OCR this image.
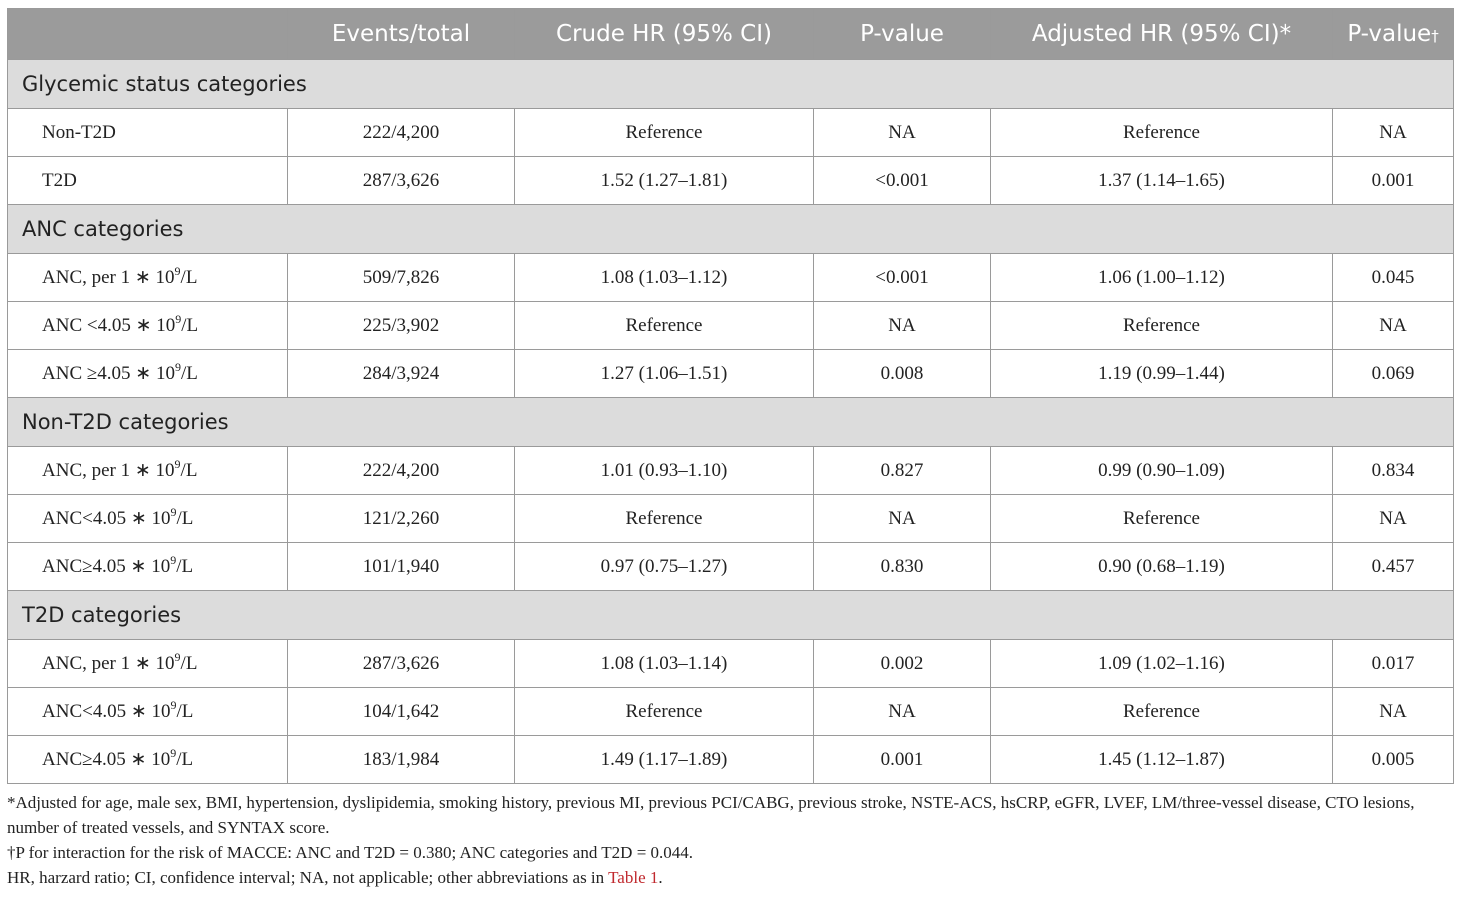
	Events/total	Crude HR (95% CI)	P-value	Adjusted HR (95% CI)*	P-value†
Glycemic status categories					
Non-T2D	222/4,200	Reference	NA	Reference	NA
T2D	287/3,626	1.52 (1.27–1.81)	<0.001	1.37 (1.14–1.65)	0.001
ANC categories					
ANC, per 1 ∗ $10^9/L$	509/7,826	1.08 (1.03–1.12)	<0.001	1.06 (1.00–1.12)	0.045
ANC <4.05 ∗ $10^9/L$	225/3,902	Reference	NA	Reference	NA
ANC ≥4.05 ∗ $10^9/L$	284/3,924	1.27 (1.06–1.51)	0.008	1.19 (0.99–1.44)	0.069
Non-T2D categories					
ANC, per 1 ∗ $10^9/L$	222/4,200	1.01 (0.93–1.10)	0.827	0.99 (0.90–1.09)	0.834
ANC<4.05 ∗ $10^9/L$	121/2,260	Reference	NA	Reference	NA
ANC≥4.05 ∗ $10^9/L$	101/1,940	0.97 (0.75–1.27)	0.830	0.90 (0.68–1.19)	0.457
T2D categories					
ANC, per 1 ∗ $10^9/L$	287/3,626	1.08 (1.03–1.14)	0.002	1.09 (1.02–1.16)	0.017
ANC<4.05 ∗ $10^9/L$	104/1,642	Reference	NA	Reference	NA
ANC≥4.05 ∗ $10^9/L$	183/1,984	1.49 (1.17–1.89)	0.001	1.45 (1.12–1.87)	0.005

*Adjusted for age, male sex, BMI, hypertension, dyslipidemia, smoking history, previous MI, previous PCI/CABG, previous stroke, NSTE-ACS, hsCRP, eGFR, LVEF, LM/three-vessel disease, CTO lesions, number of treated vessels, and SYNTAX score.

†P for interaction for the risk of MACCE: ANC and T2D = 0.380; ANC categories and T2D = 0.044.

HR, harzard ratio; CI, confidence interval; NA, not applicable; other abbreviations as in Table 1.
